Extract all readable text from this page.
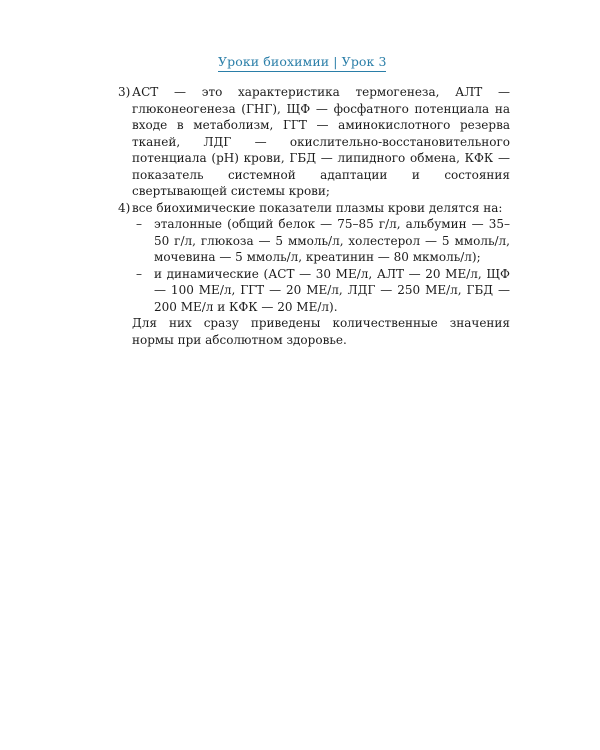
Уроки биохимии | Урок 3
3) АСТ — это характеристика термогенеза, АЛТ — глюконеогенеза (ГНГ), ЩФ — фосфатного потенциала на входе в метаболизм, ГГТ — аминокислотного резерва тканей, ЛДГ — окислительно-восстановительного потенциала (рН) крови, ГБД — липидного обмена, КФК — показатель системной адаптации и состояния свертывающей системы крови;

4) все биохимические показатели плазмы крови делятся на:

– эталонные (общий белок — 75–85 г/л, альбумин — 35–50 г/л, глюкоза — 5 ммоль/л, холестерол — 5 ммоль/л, мочевина — 5 ммоль/л, креатинин — 80 мкмоль/л);

– и динамические (АСТ — 30 МЕ/л, АЛТ — 20 МЕ/л, ЩФ — 100 МЕ/л, ГГТ — 20 МЕ/л, ЛДГ — 250 МЕ/л, ГБД — 200 МЕ/л и КФК — 20 МЕ/л).

Для них сразу приведены количественные значения нормы при абсолютном здоровье.
